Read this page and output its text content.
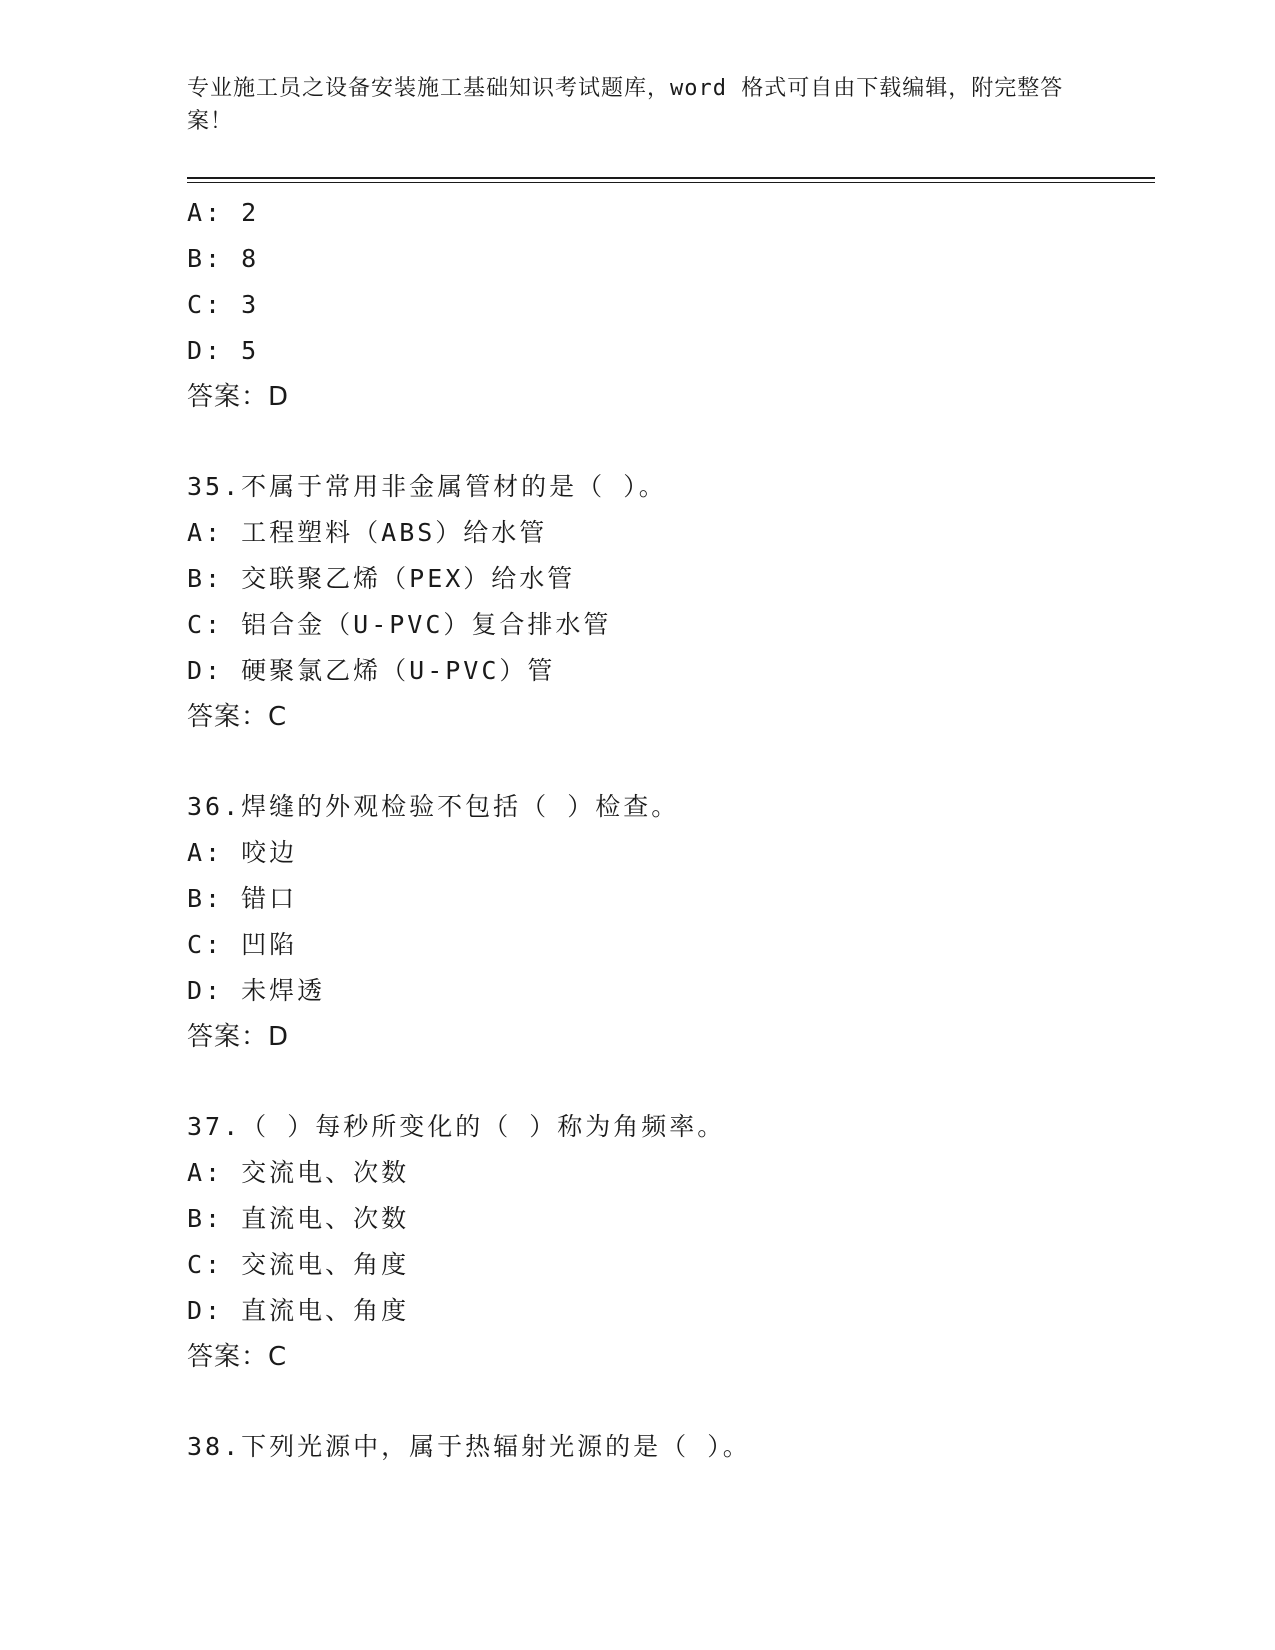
专业施工员之设备安装施工基础知识考试题库，word 格式可自由下载编辑，附完整答案！
A: 2
B: 8
C: 3
D: 5
答案：D
35.不属于常用非金属管材的是（ ）。
A: 工程塑料（ABS）给水管
B: 交联聚乙烯（PEX）给水管
C: 铝合金（U-PVC）复合排水管
D: 硬聚氯乙烯（U-PVC）管
答案：C
36.焊缝的外观检验不包括（ ）检查。
A: 咬边
B: 错口
C: 凹陷
D: 未焊透
答案：D
37.（ ）每秒所变化的（ ）称为角频率。
A: 交流电、次数
B: 直流电、次数
C: 交流电、角度
D: 直流电、角度
答案：C
38.下列光源中，属于热辐射光源的是（ ）。
